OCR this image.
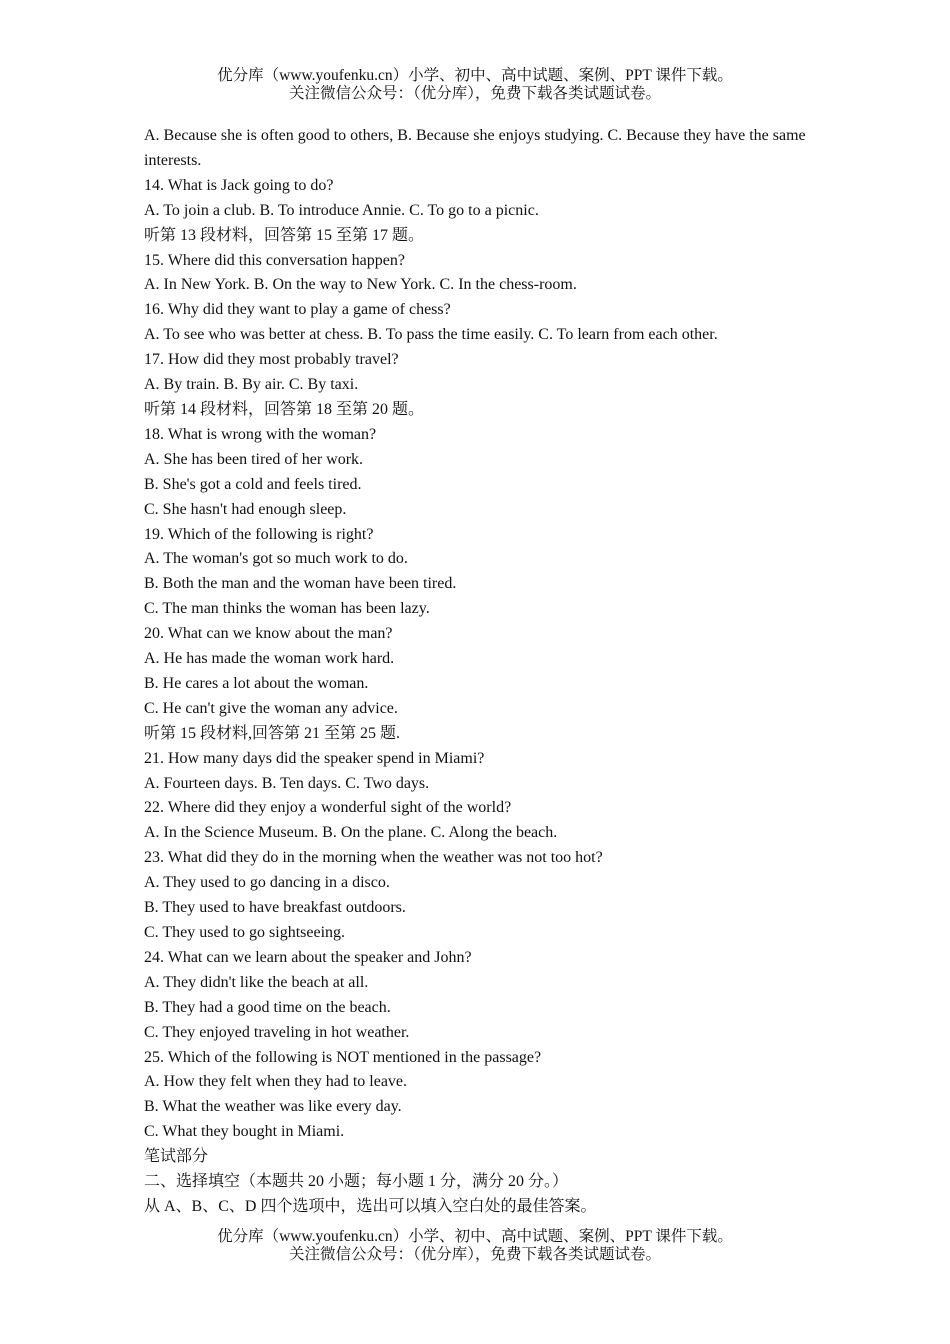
优分库（www.youfenku.cn）小学、初中、高中试题、案例、PPT 课件下载。
关注微信公众号：（优分库），免费下载各类试题试卷。

A. Because she is often good to others, B. Because she enjoys studying. C. Because they have the same interests.

14. What is Jack going to do?

A. To join a club. B. To introduce Annie. C. To go to a picnic.

听第 13 段材料，回答第 15 至第 17 题。

15. Where did this conversation happen?

A. In New York. B. On the way to New York. C. In the chess-room.

16. Why did they want to play a game of chess?

A. To see who was better at chess. B. To pass the time easily. C. To learn from each other.

17. How did they most probably travel?

A. By train. B. By air. C. By taxi.

听第 14 段材料，回答第 18 至第 20 题。

18. What is wrong with the woman?

A. She has been tired of her work.

B. She's got a cold and feels tired.

C. She hasn't had enough sleep.

19. Which of the following is right?

A. The woman's got so much work to do.

B. Both the man and the woman have been tired.

C. The man thinks the woman has been lazy.

20. What can we know about the man?

A. He has made the woman work hard.

B. He cares a lot about the woman.

C. He can't give the woman any advice.

听第 15 段材料,回答第 21 至第 25 题.

21. How many days did the speaker spend in Miami?

A. Fourteen days. B. Ten days. C. Two days.

22. Where did they enjoy a wonderful sight of the world?

A. In the Science Museum. B. On the plane. C. Along the beach.

23. What did they do in the morning when the weather was not too hot?

A. They used to go dancing in a disco.

B. They used to have breakfast outdoors.

C. They used to go sightseeing.

24. What can we learn about the speaker and John?

A. They didn't like the beach at all.

B. They had a good time on the beach.

C. They enjoyed traveling in hot weather.

25. Which of the following is NOT mentioned in the passage?

A. How they felt when they had to leave.

B. What the weather was like every day.

C. What they bought in Miami.

笔试部分

二、选择填空（本题共 20 小题；每小题 1 分，满分 20 分。）

从 A、B、C、D 四个选项中，选出可以填入空白处的最佳答案。

优分库（www.youfenku.cn）小学、初中、高中试题、案例、PPT 课件下载。
关注微信公众号：（优分库），免费下载各类试题试卷。
